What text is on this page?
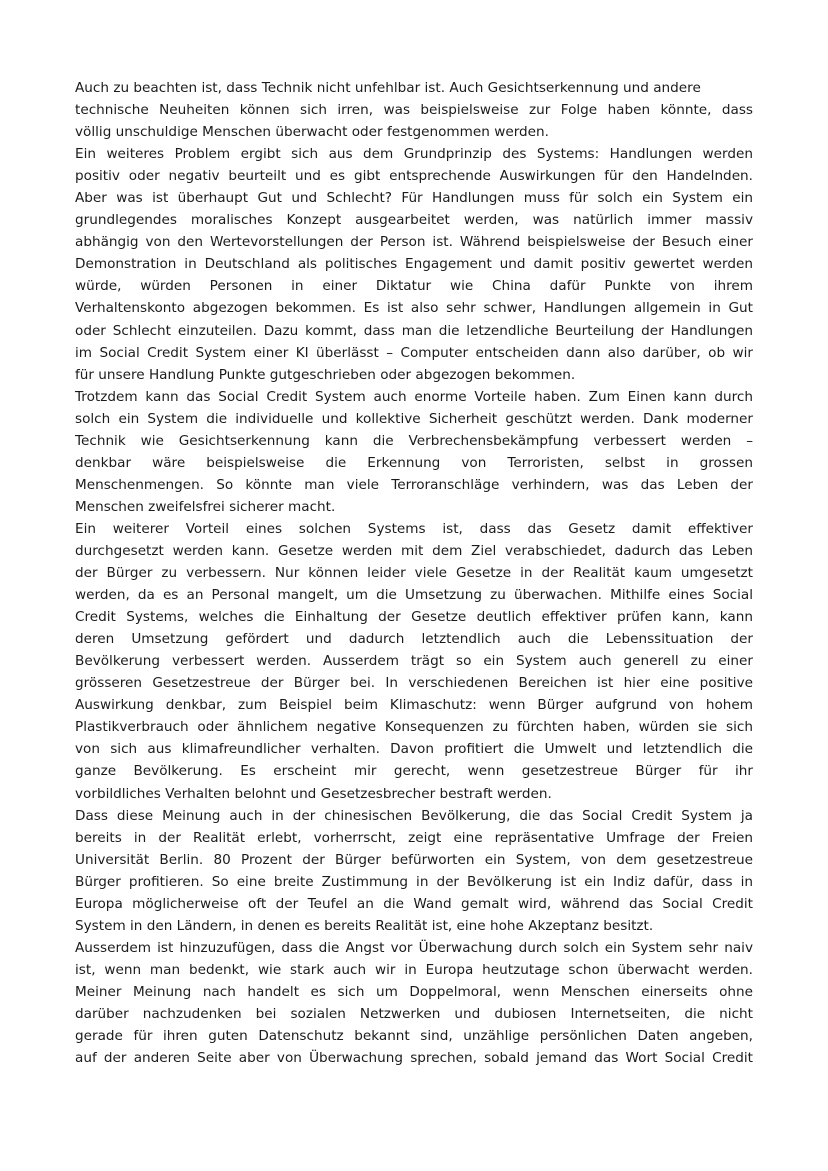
Auch zu beachten ist, dass Technik nicht unfehlbar ist. Auch Gesichtserkennung und andere
technische Neuheiten können sich irren, was beispielsweise zur Folge haben könnte, dass
völlig unschuldige Menschen überwacht oder festgenommen werden.
Ein weiteres Problem ergibt sich aus dem Grundprinzip des Systems: Handlungen werden
positiv oder negativ beurteilt und es gibt entsprechende Auswirkungen für den Handelnden.
Aber was ist überhaupt Gut und Schlecht? Für Handlungen muss für solch ein System ein
grundlegendes moralisches Konzept ausgearbeitet werden, was natürlich immer massiv
abhängig von den Wertevorstellungen der Person ist. Während beispielsweise der Besuch einer
Demonstration in Deutschland als politisches Engagement und damit positiv gewertet werden
würde, würden Personen in einer Diktatur wie China dafür Punkte von ihrem
Verhaltenskonto abgezogen bekommen. Es ist also sehr schwer, Handlungen allgemein in Gut
oder Schlecht einzuteilen. Dazu kommt, dass man die letzendliche Beurteilung der Handlungen
im Social Credit System einer KI überlässt – Computer entscheiden dann also darüber, ob wir
für unsere Handlung Punkte gutgeschrieben oder abgezogen bekommen.
Trotzdem kann das Social Credit System auch enorme Vorteile haben. Zum Einen kann durch
solch ein System die individuelle und kollektive Sicherheit geschützt werden. Dank moderner
Technik wie Gesichtserkennung kann die Verbrechensbekämpfung verbessert werden –
denkbar wäre beispielsweise die Erkennung von Terroristen, selbst in grossen
Menschenmengen. So könnte man viele Terroranschläge verhindern, was das Leben der
Menschen zweifelsfrei sicherer macht.
Ein weiterer Vorteil eines solchen Systems ist, dass das Gesetz damit effektiver
durchgesetzt werden kann. Gesetze werden mit dem Ziel verabschiedet, dadurch das Leben
der Bürger zu verbessern. Nur können leider viele Gesetze in der Realität kaum umgesetzt
werden, da es an Personal mangelt, um die Umsetzung zu überwachen. Mithilfe eines Social
Credit Systems, welches die Einhaltung der Gesetze deutlich effektiver prüfen kann, kann
deren Umsetzung gefördert und dadurch letztendlich auch die Lebenssituation der
Bevölkerung verbessert werden. Ausserdem trägt so ein System auch generell zu einer
grösseren Gesetzestreue der Bürger bei. In verschiedenen Bereichen ist hier eine positive
Auswirkung denkbar, zum Beispiel beim Klimaschutz: wenn Bürger aufgrund von hohem
Plastikverbrauch oder ähnlichem negative Konsequenzen zu fürchten haben, würden sie sich
von sich aus klimafreundlicher verhalten. Davon profitiert die Umwelt und letztendlich die
ganze Bevölkerung. Es erscheint mir gerecht, wenn gesetzestreue Bürger für ihr
vorbildliches Verhalten belohnt und Gesetzesbrecher bestraft werden.
Dass diese Meinung auch in der chinesischen Bevölkerung, die das Social Credit System ja
bereits in der Realität erlebt, vorherrscht, zeigt eine repräsentative Umfrage der Freien
Universität Berlin. 80 Prozent der Bürger befürworten ein System, von dem gesetzestreue
Bürger profitieren. So eine breite Zustimmung in der Bevölkerung ist ein Indiz dafür, dass in
Europa möglicherweise oft der Teufel an die Wand gemalt wird, während das Social Credit
System in den Ländern, in denen es bereits Realität ist, eine hohe Akzeptanz besitzt.
Ausserdem ist hinzuzufügen, dass die Angst vor Überwachung durch solch ein System sehr naiv
ist, wenn man bedenkt, wie stark auch wir in Europa heutzutage schon überwacht werden.
Meiner Meinung nach handelt es sich um Doppelmoral, wenn Menschen einerseits ohne
darüber nachzudenken bei sozialen Netzwerken und dubiosen Internetseiten, die nicht
gerade für ihren guten Datenschutz bekannt sind, unzählige persönlichen Daten angeben,
auf der anderen Seite aber von Überwachung sprechen, sobald jemand das Wort Social Credit
